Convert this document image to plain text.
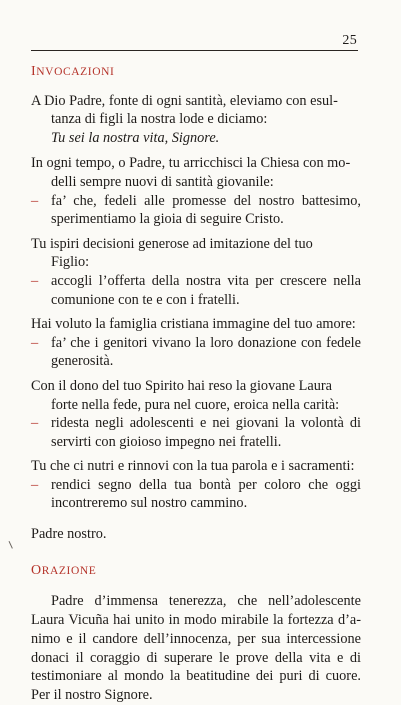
25
INVOCAZIONI
A Dio Padre, fonte di ogni santità, eleviamo con esul-
tanza di figli la nostra lode e diciamo:
Tu sei la nostra vita, Signore.

In ogni tempo, o Padre, tu arricchisci la Chiesa con mo-
delli sempre nuovi di santità giovanile:

– fa’ che, fedeli alle promesse del nostro battesimo, sperimentiamo la gioia di seguire Cristo.

Tu ispiri decisioni generose ad imitazione del tuo
Figlio:

– accogli l’offerta della nostra vita per crescere nella comunione con te e con i fratelli.

Hai voluto la famiglia cristiana immagine del tuo amore:

– fa’ che i genitori vivano la loro donazione con fedele generosità.

Con il dono del tuo Spirito hai reso la giovane Laura
forte nella fede, pura nel cuore, eroica nella carità:

– ridesta negli adolescenti e nei giovani la volontà di servirti con gioioso impegno nei fratelli.

Tu che ci nutri e rinnovi con la tua parola e i sacramenti:

– rendici segno della tua bontà per coloro che oggi incontreremo sul nostro cammino.

Padre nostro.
ORAZIONE

Padre d’immensa tenerezza, che nell’adolescente Laura Vicuña hai unito in modo mirabile la fortezza d’a-nimo e il candore dell’innocenza, per sua intercessione donaci il coraggio di superare le prove della vita e di testimoniare al mondo la beatitudine dei puri di cuore. Per il nostro Signore.
